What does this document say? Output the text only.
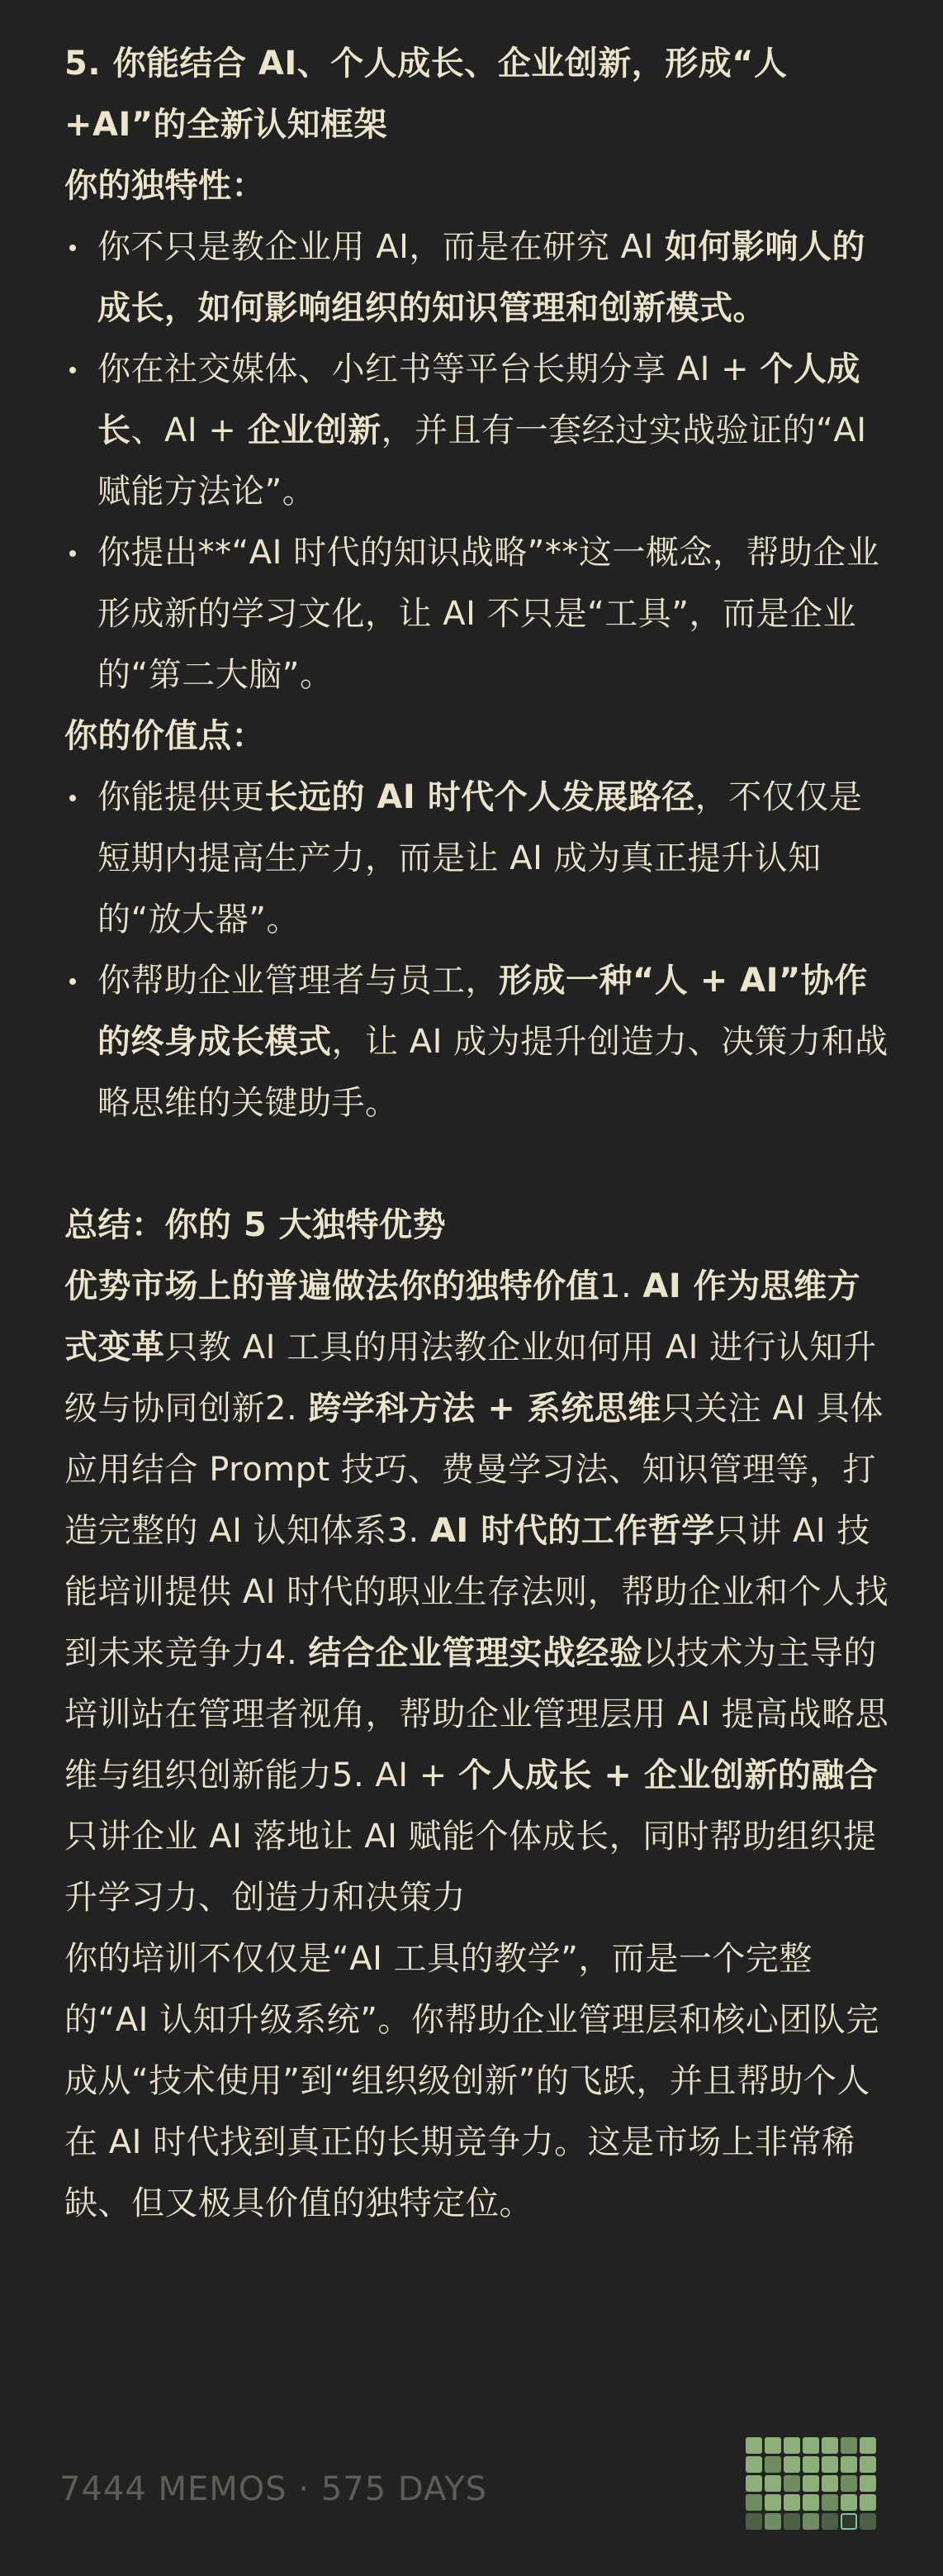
5. 你能结合 AI、个人成长、企业创新，形成“人+AI”的全新认知框架

你的独特性：

你不只是教企业用 AI，而是在研究 AI 如何影响人的成长，如何影响组织的知识管理和创新模式。
你在社交媒体、小红书等平台长期分享 AI + 个人成长、AI + 企业创新，并且有一套经过实战验证的“AI 赋能方法论”。
你提出**“AI 时代的知识战略”**这一概念，帮助企业形成新的学习文化，让 AI 不只是“工具”，而是企业的“第二大脑”。

你的价值点：

你能提供更长远的 AI 时代个人发展路径，不仅仅是短期内提高生产力，而是让 AI 成为真正提升认知的“放大器”。
你帮助企业管理者与员工，形成一种“人 + AI”协作的终身成长模式，让 AI 成为提升创造力、决策力和战略思维的关键助手。

总结：你的 5 大独特优势

优势市场上的普遍做法你的独特价值1. AI 作为思维方式变革只教 AI 工具的用法教企业如何用 AI 进行认知升级与协同创新2. 跨学科方法 + 系统思维只关注 AI 具体应用结合 Prompt 技巧、费曼学习法、知识管理等，打造完整的 AI 认知体系3. AI 时代的工作哲学只讲 AI 技能培训提供 AI 时代的职业生存法则，帮助企业和个人找到未来竞争力4. 结合企业管理实战经验以技术为主导的培训站在管理者视角，帮助企业管理层用 AI 提高战略思维与组织创新能力5. AI + 个人成长 + 企业创新的融合只讲企业 AI 落地让 AI 赋能个体成长，同时帮助组织提升学习力、创造力和决策力

你的培训不仅仅是“AI 工具的教学”，而是一个完整的“AI 认知升级系统”。你帮助企业管理层和核心团队完成从“技术使用”到“组织级创新”的飞跃，并且帮助个人在 AI 时代找到真正的长期竞争力。这是市场上非常稀缺、但又极具价值的独特定位。

7444 MEMOS · 575 DAYS
